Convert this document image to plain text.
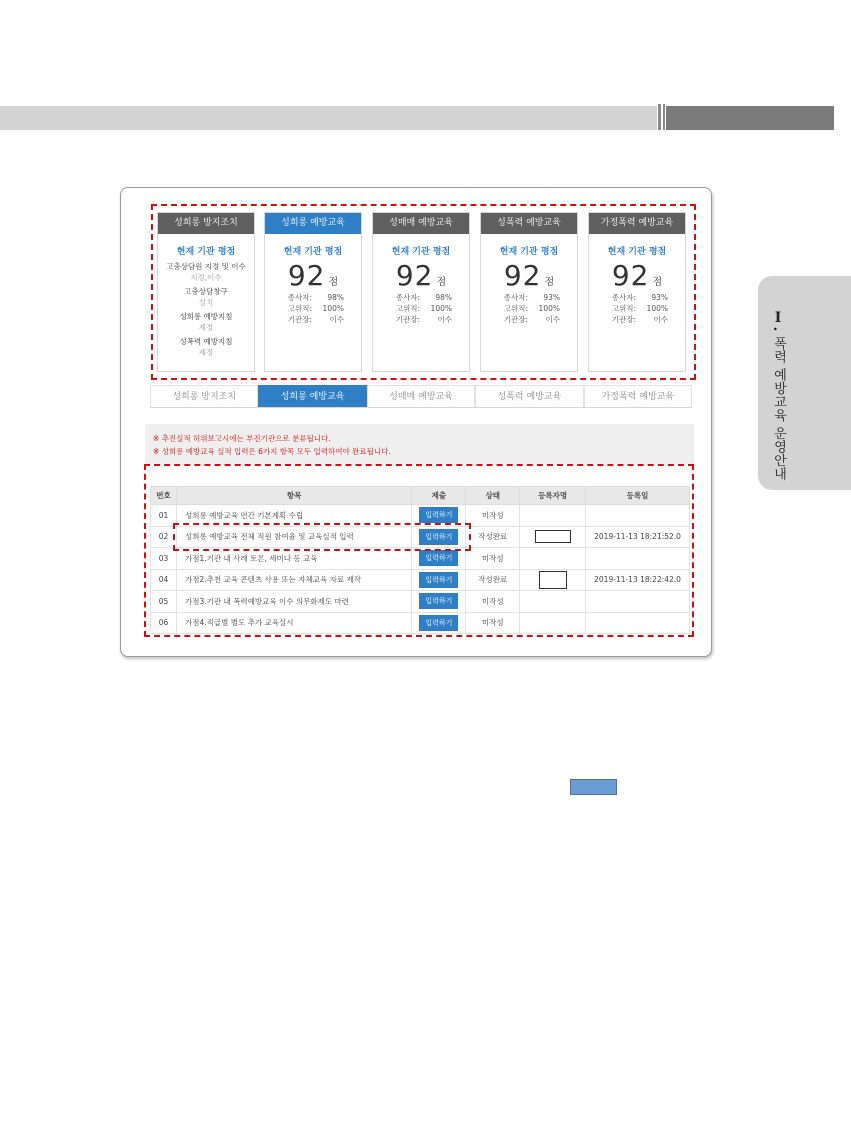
Ⅰ. 폭력 예방교육 운영안내
성희롱 방지조치
현재 기관 평점
고충상담원 지정 및 이수
지정,이수
고충상담창구
설치
성희롱 예방지침
제정
성폭력 예방지침
제정
성희롱 예방교육
현재 기관 평점
92 점
종사자:	98%
고위직:	100%
기관장:	이수
성매매 예방교육
현재 기관 평점
92 점
종사자:	98%
고위직:	100%
기관장:	이수
성폭력 예방교육
현재 기관 평점
92 점
종사자:	93%
고위직:	100%
기관장:	이수
가정폭력 예방교육
현재 기관 평점
92 점
종사자:	93%
고위직:	100%
기관장:	이수
성희롱 방지조치	성희롱 예방교육	성매매 예방교육	성폭력 예방교육	가정폭력 예방교육

※ 추진실적 허위보고시에는 부진기관으로 분류됩니다.

※ 성희롱 예방교육 실적 입력은 6가지 항목 모두 입력하여야 완료됩니다.

번호	항목	제출	상태	등록자명	등록일
01	성희롱 예방교육 연간 기본계획 수립	입력하기	미작성		
02	성희롱 예방교육 전체 직원 참여율 및 교육실적 입력	입력하기	작성완료		2019-11-13 18:21:52.0
03	가점1.기관 내 사례 토론, 세미나 등 교육	입력하기	미작성		
04	가점2.추천 교육 콘텐츠 사용 또는 자체교육 자료 제작	입력하기	작성완료		2019-11-13 18:22:42.0
05	가점3.기관 내 폭력예방교육 이수 의무화제도 마련	입력하기	미작성		
06	가점4.직급별 별도 추가 교육실시	입력하기	미작성		
